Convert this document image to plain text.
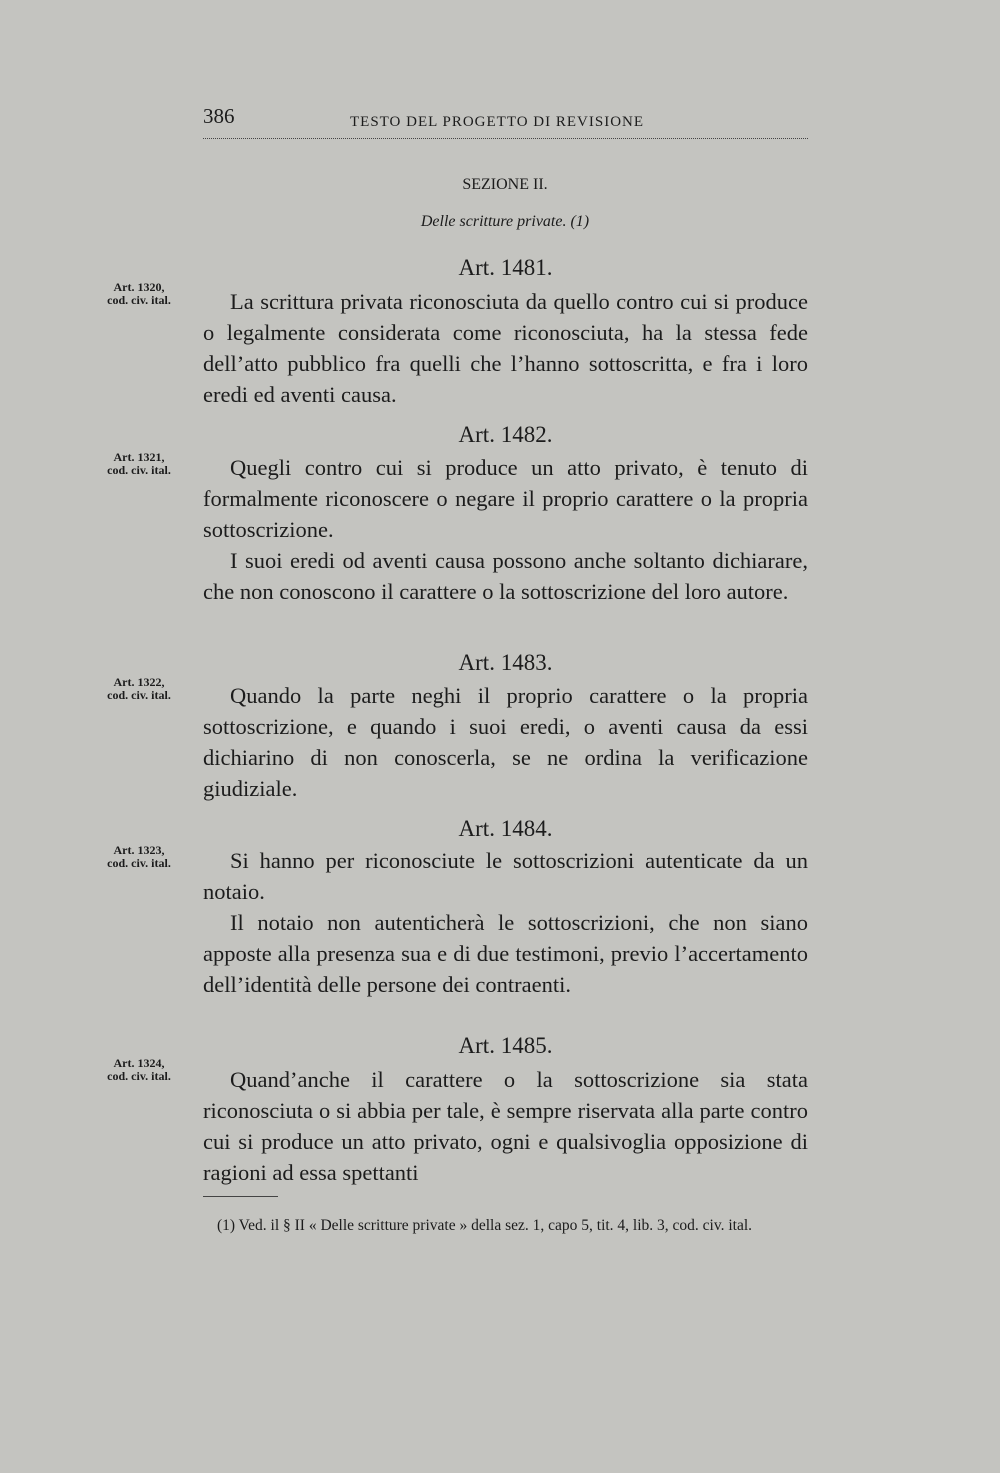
386	TESTO DEL PROGETTO DI REVISIONE
SEZIONE II.
Delle scritture private. (1)
Art. 1481.
Art. 1320,
cod. civ. ital.	La scrittura privata riconosciuta da quello contro cui si produce o legalmente considerata come riconosciuta, ha la stessa fede dell’atto pubblico fra quelli che l’hanno sottoscritta, e fra i loro eredi ed aventi causa.

Art. 1482.
Art. 1321,
cod. civ. ital.	Quegli contro cui si produce un atto privato, è tenuto di formalmente riconoscere o negare il proprio carattere o la propria sottoscrizione.

I suoi eredi od aventi causa possono anche soltanto dichiarare, che non conoscono il carattere o la sottoscrizione del loro autore.

Art. 1483.
Art. 1322,
cod. civ. ital.	Quando la parte neghi il proprio carattere o la propria sottoscrizione, e quando i suoi eredi, o aventi causa da essi dichiarino di non conoscerla, se ne ordina la verificazione giudiziale.

Art. 1484.
Art. 1323,
cod. civ. ital.	Si hanno per riconosciute le sottoscrizioni autenticate da un notaio.

Il notaio non autenticherà le sottoscrizioni, che non siano apposte alla presenza sua e di due testimoni, previo l’accertamento dell’identità delle persone dei contraenti.

Art. 1485.
Art. 1324,
cod. civ. ital.	Quand’anche il carattere o la sottoscrizione sia stata riconosciuta o si abbia per tale, è sempre riservata alla parte contro cui si produce un atto privato, ogni e qualsivoglia opposizione di ragioni ad essa spettanti

(1) Ved. il § II « Delle scritture private » della sez. 1, capo 5, tit. 4, lib. 3, cod. civ. ital.
